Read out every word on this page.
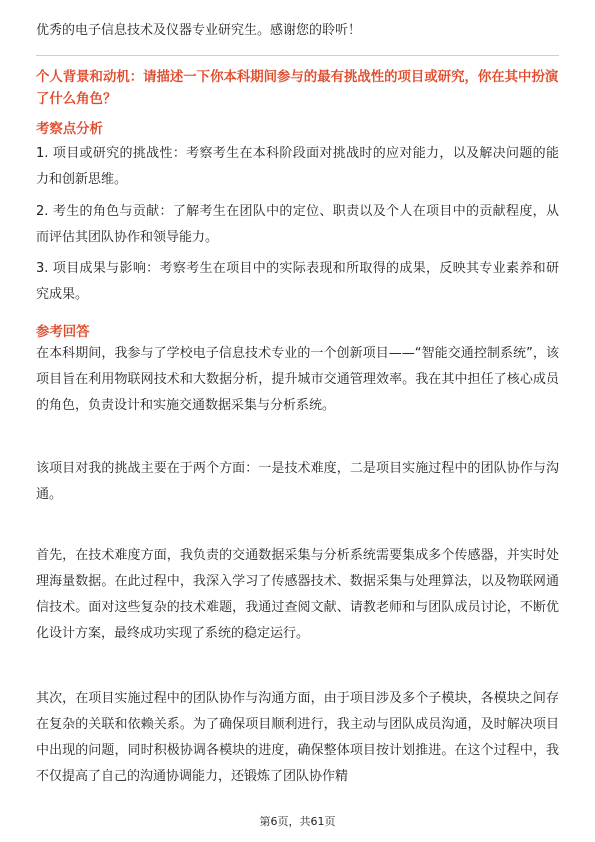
优秀的电子信息技术及仪器专业研究生。感谢您的聆听！
个人背景和动机：请描述一下你本科期间参与的最有挑战性的项目或研究，你在其中扮演了什么角色？
考察点分析
1. 项目或研究的挑战性：考察考生在本科阶段面对挑战时的应对能力，以及解决问题的能力和创新思维。
2. 考生的角色与贡献：了解考生在团队中的定位、职责以及个人在项目中的贡献程度，从而评估其团队协作和领导能力。
3. 项目成果与影响：考察考生在项目中的实际表现和所取得的成果，反映其专业素养和研究成果。
参考回答
在本科期间，我参与了学校电子信息技术专业的一个创新项目——“智能交通控制系统”，该项目旨在利用物联网技术和大数据分析，提升城市交通管理效率。我在其中担任了核心成员的角色，负责设计和实施交通数据采集与分析系统。
该项目对我的挑战主要在于两个方面：一是技术难度，二是项目实施过程中的团队协作与沟通。
首先，在技术难度方面，我负责的交通数据采集与分析系统需要集成多个传感器，并实时处理海量数据。在此过程中，我深入学习了传感器技术、数据采集与处理算法，以及物联网通信技术。面对这些复杂的技术难题，我通过查阅文献、请教老师和与团队成员讨论，不断优化设计方案，最终成功实现了系统的稳定运行。
其次，在项目实施过程中的团队协作与沟通方面，由于项目涉及多个子模块，各模块之间存在复杂的关联和依赖关系。为了确保项目顺利进行，我主动与团队成员沟通，及时解决项目中出现的问题，同时积极协调各模块的进度，确保整体项目按计划推进。在这个过程中，我不仅提高了自己的沟通协调能力，还锻炼了团队协作精
第6页，共61页
